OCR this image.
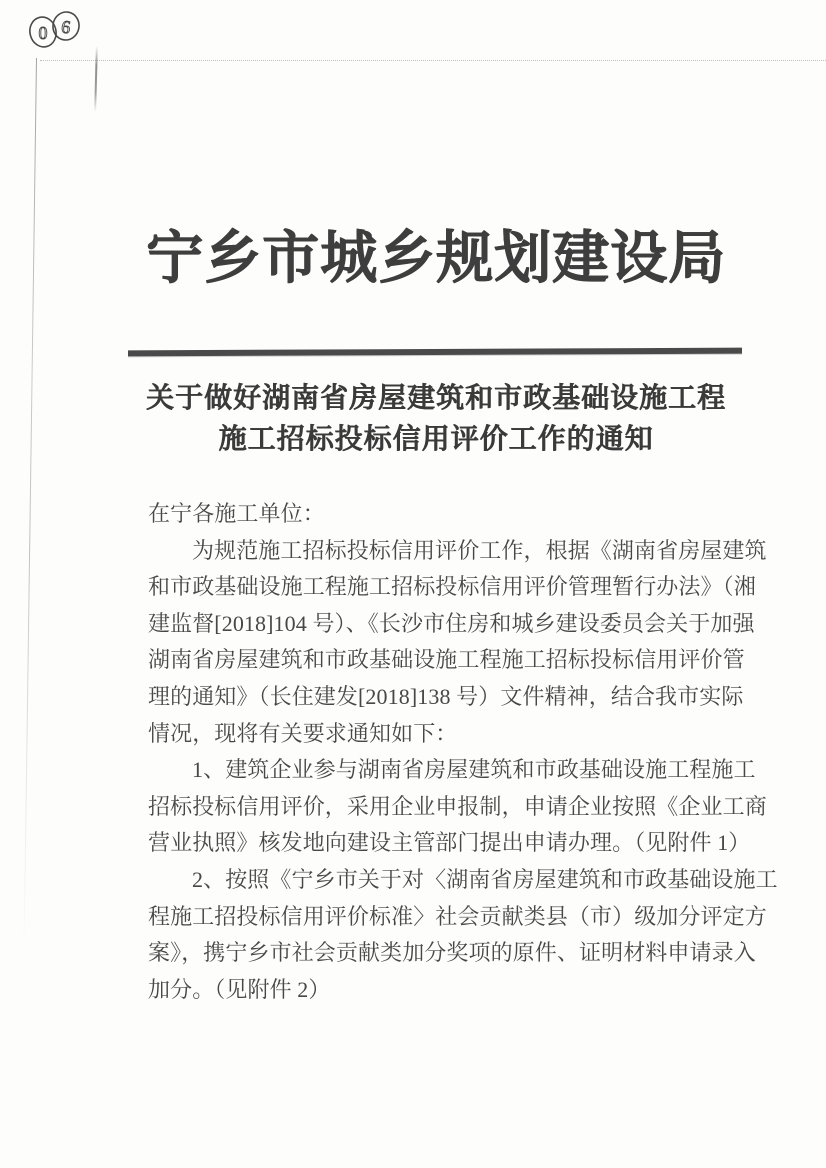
0 6
宁乡市城乡规划建设局
关于做好湖南省房屋建筑和市政基础设施工程
施工招标投标信用评价工作的通知
在宁各施工单位：
为规范施工招标投标信用评价工作，根据《湖南省房屋建筑
和市政基础设施工程施工招标投标信用评价管理暂行办法》（湘
建监督[2018]104 号）、《长沙市住房和城乡建设委员会关于加强
湖南省房屋建筑和市政基础设施工程施工招标投标信用评价管
理的通知》（长住建发[2018]138 号）文件精神，结合我市实际
情况，现将有关要求通知如下：
1、建筑企业参与湖南省房屋建筑和市政基础设施工程施工
招标投标信用评价，采用企业申报制，申请企业按照《企业工商
营业执照》核发地向建设主管部门提出申请办理。（见附件 1）
2、按照《宁乡市关于对〈湖南省房屋建筑和市政基础设施工
程施工招投标信用评价标准〉社会贡献类县（市）级加分评定方
案》，携宁乡市社会贡献类加分奖项的原件、证明材料申请录入
加分。（见附件 2）
